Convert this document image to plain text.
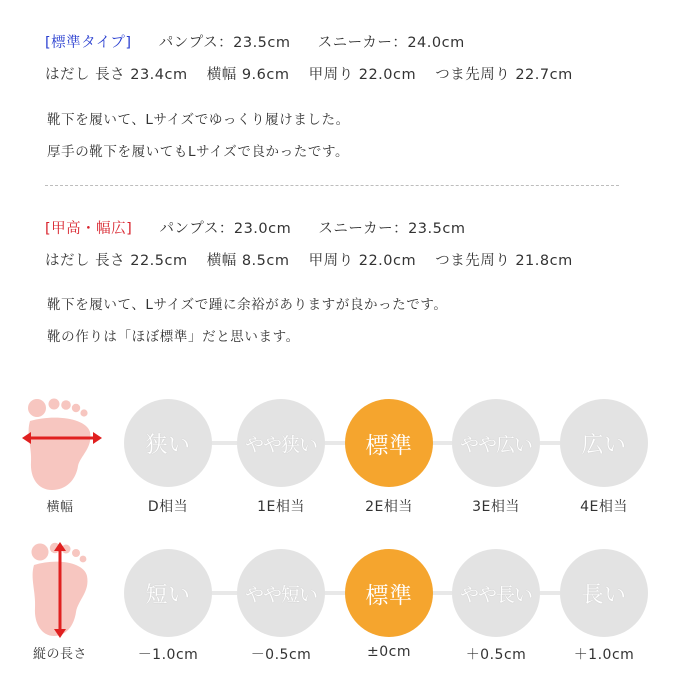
[標準タイプ] パンプス：23.5cm スニーカー：24.0cm
はだし 長さ 23.4cm 横幅 9.6cm 甲周り 22.0cm つま先周り 22.7cm
靴下を履いて、Lサイズでゆっくり履けました。
厚手の靴下を履いてもLサイズで良かったです。
[甲高・幅広] パンプス：23.0cm スニーカー：23.5cm
はだし 長さ 22.5cm 横幅 8.5cm 甲周り 22.0cm つま先周り 21.8cm
靴下を履いて、Lサイズで踵に余裕がありますが良かったです。
靴の作りは「ほぼ標準」だと思います。
横幅
狭い	やや狭い 標準 やや広い 広い
D相当	1E相当	2E相当	3E相当	4E相当
縦の長さ
短い	やや短い 標準 やや長い 長い
－1.0cm	－0.5cm	±0cm	＋0.5cm	＋1.0cm
